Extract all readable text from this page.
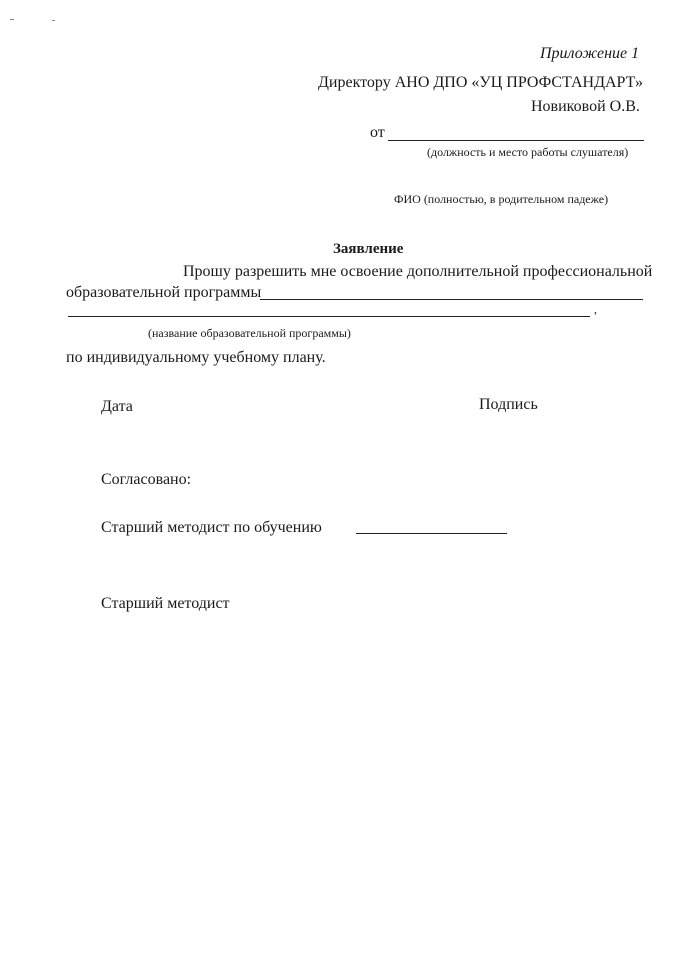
Приложение 1
Директору АНО ДПО «УЦ ПРОФСТАНДАРТ»
Новиковой О.В.
от
(должность и место работы слушателя)
ФИО (полностью, в родительном падеже)
Заявление
Прошу разрешить мне освоение дополнительной профессиональной
образовательной программы
,
(название образовательной программы)
по индивидуальному учебному плану.
Дата	Подпись
Согласовано:
Старший методист по обучению
Старший методист
